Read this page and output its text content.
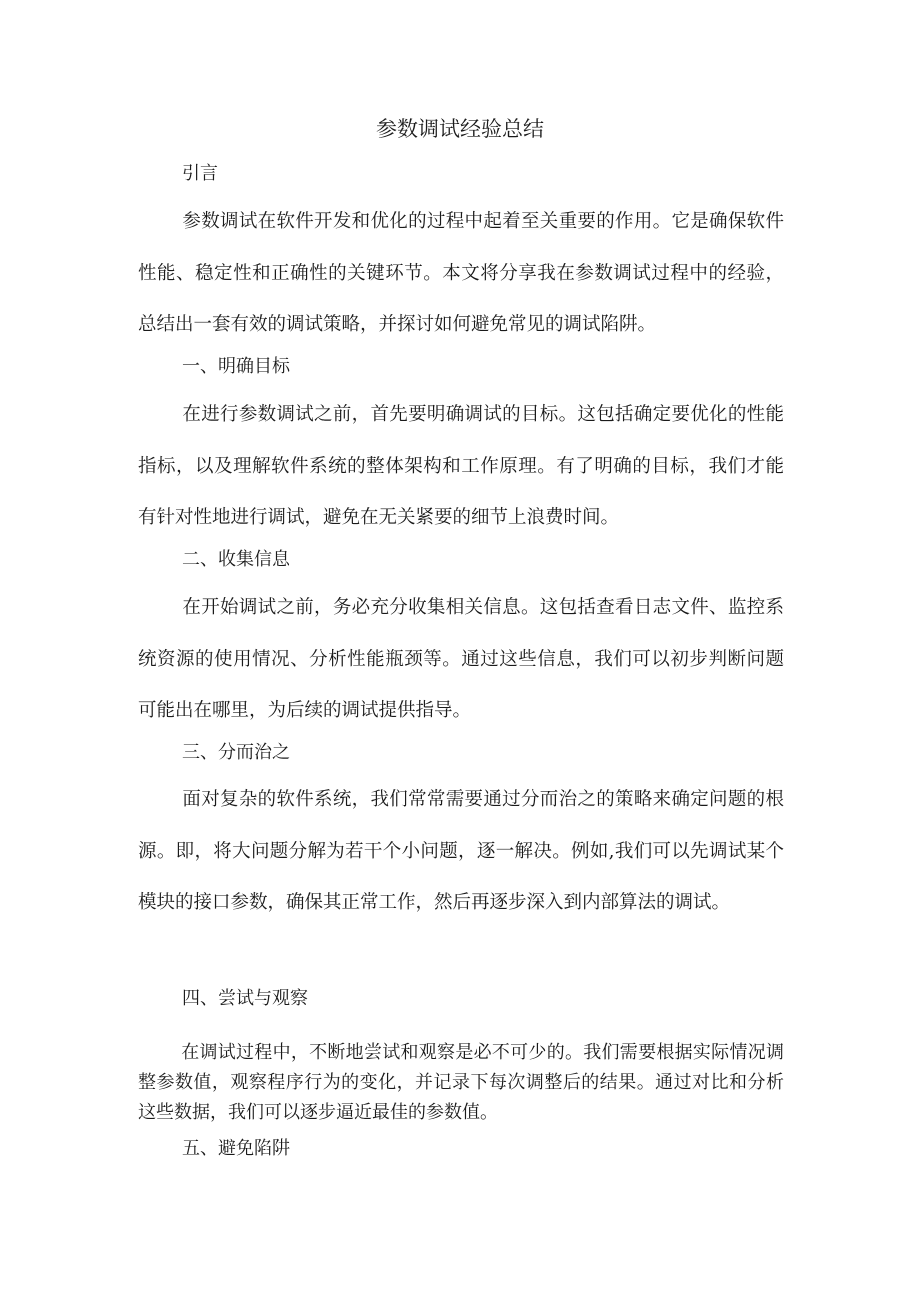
参数调试经验总结
引言

参数调试在软件开发和优化的过程中起着至关重要的作用。它是确保软件性能、稳定性和正确性的关键环节。本文将分享我在参数调试过程中的经验，总结出一套有效的调试策略，并探讨如何避免常见的调试陷阱。

一、明确目标

在进行参数调试之前，首先要明确调试的目标。这包括确定要优化的性能指标，以及理解软件系统的整体架构和工作原理。有了明确的目标，我们才能有针对性地进行调试，避免在无关紧要的细节上浪费时间。

二、收集信息

在开始调试之前，务必充分收集相关信息。这包括查看日志文件、监控系统资源的使用情况、分析性能瓶颈等。通过这些信息，我们可以初步判断问题可能出在哪里，为后续的调试提供指导。

三、分而治之

面对复杂的软件系统，我们常常需要通过分而治之的策略来确定问题的根源。即，将大问题分解为若干个小问题，逐一解决。例如,我们可以先调试某个模块的接口参数，确保其正常工作，然后再逐步深入到内部算法的调试。

四、尝试与观察

在调试过程中，不断地尝试和观察是必不可少的。我们需要根据实际情况调整参数值，观察程序行为的变化，并记录下每次调整后的结果。通过对比和分析这些数据，我们可以逐步逼近最佳的参数值。

五、避免陷阱
